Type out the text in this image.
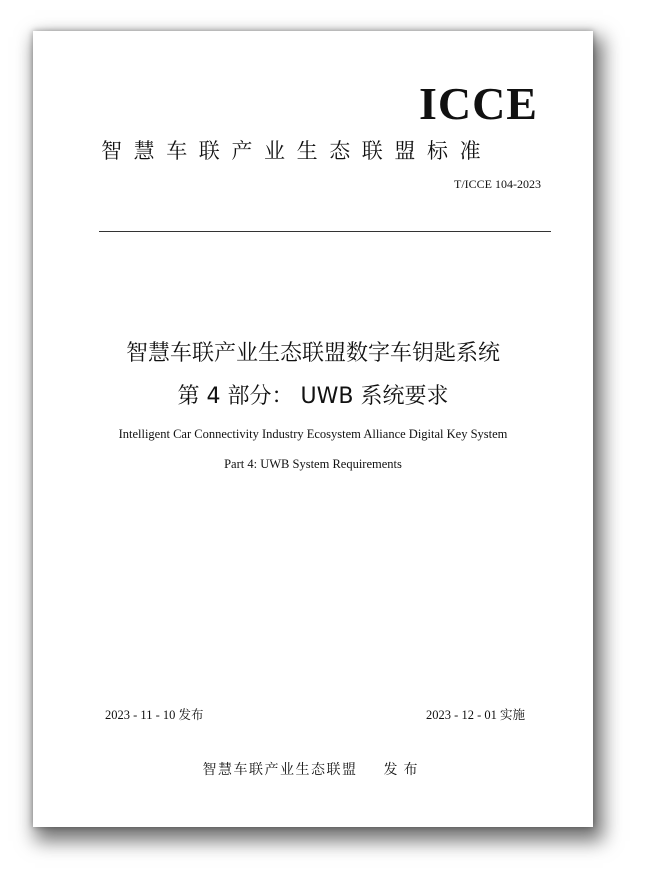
ICCE
智慧车联产业生态联盟标准
T/ICCE 104-2023
智慧车联产业生态联盟数字车钥匙系统
第 4 部分： UWB 系统要求
Intelligent Car Connectivity Industry Ecosystem Alliance Digital Key System
Part 4: UWB System Requirements
2023 - 11 - 10 发布	2023 - 12 - 01 实施
智慧车联产业生态联盟 发布
